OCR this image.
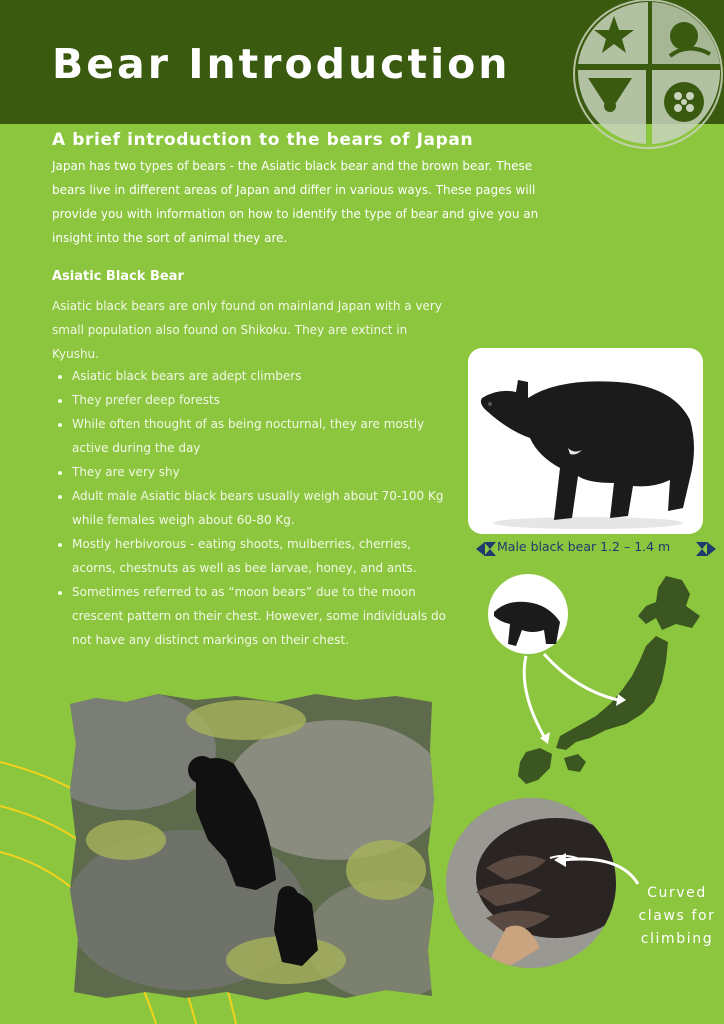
Bear Introduction
A brief introduction to the bears of Japan

Japan has two types of bears - the Asiatic black bear and the brown bear. These bears live in different areas of Japan and differ in various ways. These pages will provide you with information on how to identify the type of bear and give you an insight into the sort of animal they are.

Asiatic Black Bear

Asiatic black bears are only found on mainland Japan with a very small population also found on Shikoku. They are extinct in Kyushu.

• Asiatic black bears are adept climbers
• They prefer deep forests
• While often thought of as being nocturnal, they are mostly active during the day
• They are very shy
• Adult male Asiatic black bears usually weigh about 70-100 Kg while females weigh about 60-80 Kg.
• Mostly herbivorous - eating shoots, mulberries, cherries, acorns, chestnuts as well as bee larvae, honey, and ants.
• Sometimes referred to as “moon bears” due to the moon crescent pattern on their chest. However, some individuals do not have any distinct markings on their chest.
Male black bear 1.2 – 1.4 m
Curved
claws for
climbing
